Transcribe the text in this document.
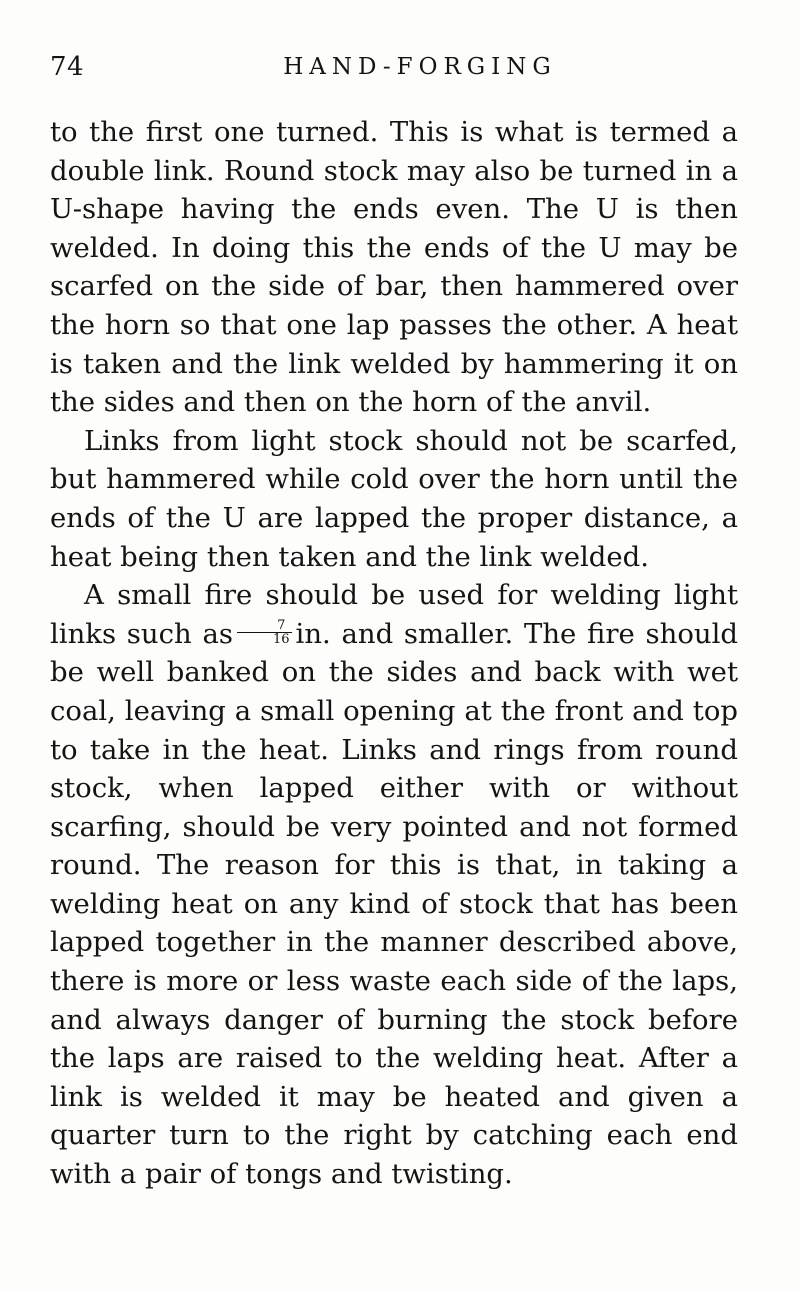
74	HAND-FORGING

to the first one turned. This is what is termed a double link. Round stock may also be turned in a U-shape having the ends even. The U is then welded. In doing this the ends of the U may be scarfed on the side of bar, then hammered over the horn so that one lap passes the other. A heat is taken and the link welded by hammering it on the sides and then on the horn of the anvil.

Links from light stock should not be scarfed, but hammered while cold over the horn until the ends of the U are lapped the proper distance, a heat being then taken and the link welded.

A small fire should be used for welding light links such as $\frac{7}{16}$ in. and smaller. The fire should be well banked on the sides and back with wet coal, leaving a small opening at the front and top to take in the heat. Links and rings from round stock, when lapped either with or without scarfing, should be very pointed and not formed round. The reason for this is that, in taking a welding heat on any kind of stock that has been lapped together in the manner described above, there is more or less waste each side of the laps, and always danger of burning the stock before the laps are raised to the welding heat. After a link is welded it may be heated and given a quarter turn to the right by catching each end with a pair of tongs and twisting.
